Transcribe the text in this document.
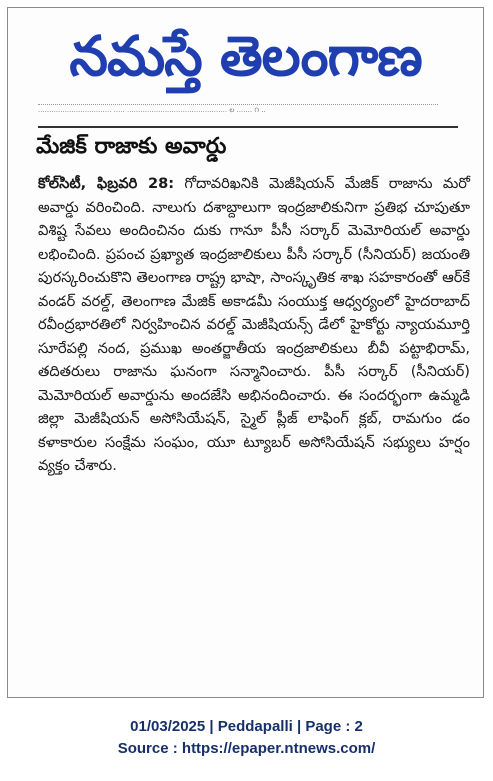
నమస్తే తెలంగాణ
................................. ..... ............................................. ల ....... ౧ ..
మేజిక్ రాజాకు అవార్డు

కోల్‌సిటీ, ఫిబ్రవరి 28: గోదావరిఖనికి మెజీషియన్ మేజిక్ రాజాను మరో అవార్డు వరించింది. నాలుగు దశాబ్దాలుగా ఇంద్రజాలికునిగా ప్రతిభ చూపుతూ విశిష్ట సేవలు అందించినం దుకు గానూ పీసీ సర్కార్ మెమోరియల్ అవార్డు లభించింది. ప్రపంచ ప్రఖ్యాత ఇంద్రజాలికులు పీసీ సర్కార్ (సీనియర్) జయంతి పురస్కరించుకొని తెలంగాణ రాష్ట్ర భాషా, సాంస్కృతిక శాఖ సహకారంతో ఆర్‌కే వండర్ వరల్డ్, తెలంగాణ మేజిక్ అకాడమీ సంయుక్త ఆధ్వర్యంలో హైదరాబాద్ రవీంద్రభారతిలో నిర్వహించిన వరల్డ్ మెజీషియన్స్ డేలో హైకోర్టు న్యాయమూర్తి సూరేపల్లి నంద, ప్రముఖ అంతర్జాతీయ ఇంద్రజాలికులు బీవీ పట్టాభిరామ్, తదితరులు రాజాను ఘనంగా సన్మానించారు. పీసీ సర్కార్ (సీనియర్) మెమోరియల్ అవార్డును అందజేసి అభినందించారు. ఈ సందర్భంగా ఉమ్మడి జిల్లా మెజీషియన్ అసోసియేషన్, స్మైల్ ప్లీజ్ లాఫింగ్ క్లబ్, రామగుం డం కళాకారుల సంక్షేమ సంఘం, యూ ట్యూబర్ అసోసియేషన్ సభ్యులు హర్షం వ్యక్తం చేశారు.

01/03/2025 | Peddapalli | Page : 2
Source : https://epaper.ntnews.com/
